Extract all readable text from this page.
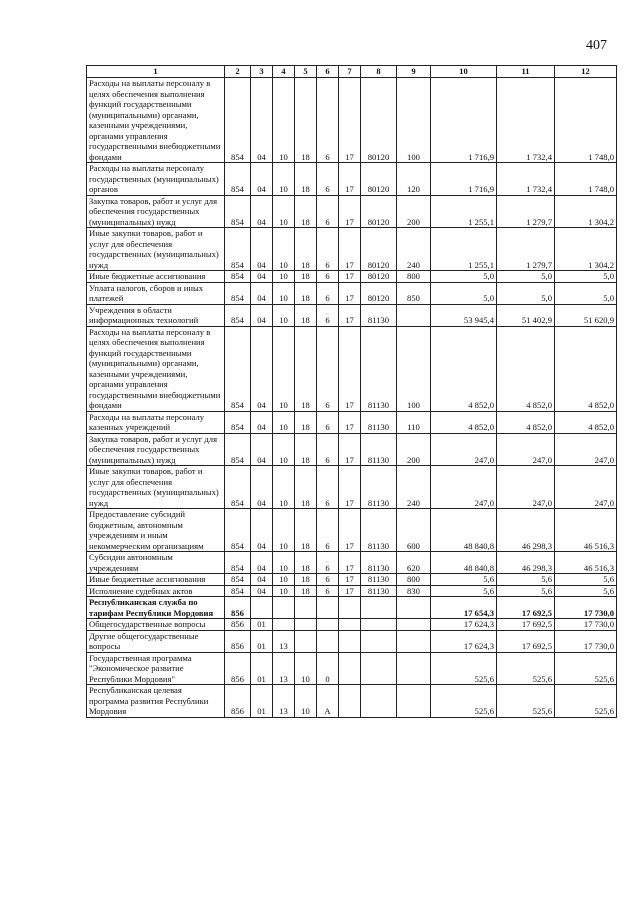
407
1	2	3	4	5	6	7	8	9	10	11	12
Расходы на выплаты персоналу в целях обеспечения выполнения функций государственными (муниципальными) органами, казенными учреждениями, органами управления государственными внебюджетными фондами	854	04	10	18	6	17	80120	100	1 716,9	1 732,4	1 748,0
Расходы на выплаты персоналу государственных (муниципальных) органов	854	04	10	18	6	17	80120	120	1 716,9	1 732,4	1 748,0
Закупка товаров, работ и услуг для обеспечения государственных (муниципальных) нужд	854	04	10	18	6	17	80120	200	1 255,1	1 279,7	1 304,2
Иные закупки товаров, работ и услуг для обеспечения государственных (муниципальных) нужд	854	04	10	18	6	17	80120	240	1 255,1	1 279,7	1 304,2
Иные бюджетные ассигнования	854	04	10	18	6	17	80120	800	5,0	5,0	5,0
Уплата налогов, сборов и иных платежей	854	04	10	18	6	17	80120	850	5,0	5,0	5,0
Учреждения в области информационных технологий	854	04	10	18	6	17	81130		53 945,4	51 402,9	51 620,9
Расходы на выплаты персоналу в целях обеспечения выполнения функций государственными (муниципальными) органами, казенными учреждениями, органами управления государственными внебюджетными фондами	854	04	10	18	6	17	81130	100	4 852,0	4 852,0	4 852,0
Расходы на выплаты персоналу казенных учреждений	854	04	10	18	6	17	81130	110	4 852,0	4 852,0	4 852,0
Закупка товаров, работ и услуг для обеспечения государственных (муниципальных) нужд	854	04	10	18	6	17	81130	200	247,0	247,0	247,0
Иные закупки товаров, работ и услуг для обеспечения государственных (муниципальных) нужд	854	04	10	18	6	17	81130	240	247,0	247,0	247,0
Предоставление субсидий бюджетным, автономным учреждениям и иным некоммерческим организациям	854	04	10	18	6	17	81130	600	48 840,8	46 298,3	46 516,3
Субсидии автономным учреждениям	854	04	10	18	6	17	81130	620	48 840,8	46 298,3	46 516,3
Иные бюджетные ассигнования	854	04	10	18	6	17	81130	800	5,6	5,6	5,6
Исполнение судебных актов	854	04	10	18	6	17	81130	830	5,6	5,6	5,6
Республиканская служба по тарифам Республики Мордовия	856								17 654,3	17 692,5	17 730,0
Общегосударственные вопросы	856	01							17 624,3	17 692,5	17 730,0
Другие общегосударственные вопросы	856	01	13						17 624,3	17 692,5	17 730,0
Государственная программа "Экономическое развитие Республики Мордовия"	856	01	13	10	0				525,6	525,6	525,6
Республиканская целевая программа развития Республики Мордовия	856	01	13	10	А				525,6	525,6	525,6
